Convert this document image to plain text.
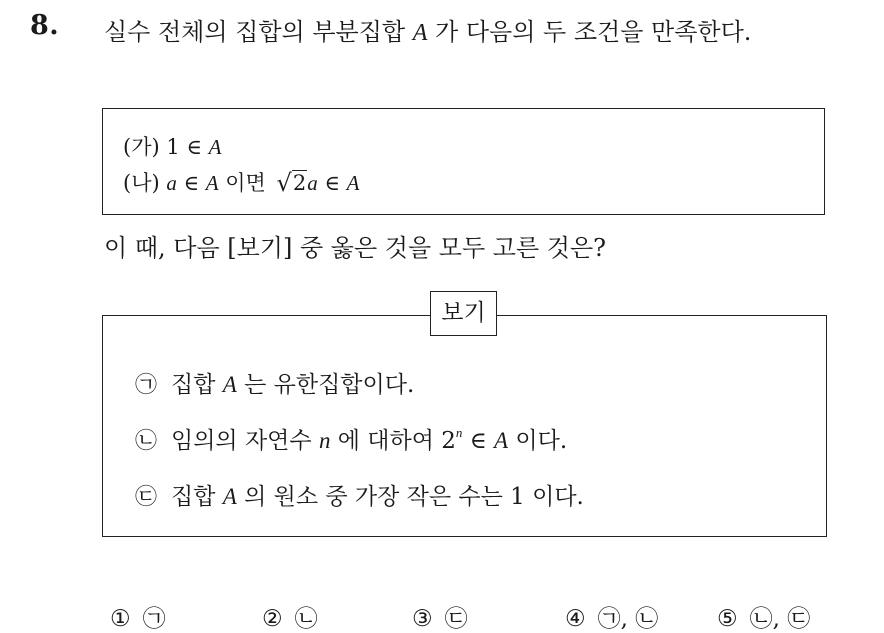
8. 실수 전체의 집합의 부분집합 A 가 다음의 두 조건을 만족한다.
(가) 1 ∈ A
(나) a ∈ A 이면 √2a ∈ A
이 때, 다음 [보기] 중 옳은 것을 모두 고른 것은?
㉠ 집합 A 는 유한집합이다.
㉡ 임의의 자연수 n 에 대하여 2$^n$ ∈ A 이다.
㉢ 집합 A 의 원소 중 가장 작은 수는 1 이다.
보기
① ㉠	② ㉡	③ ㉢	④ ㉠, ㉡	⑤ ㉡, ㉢
